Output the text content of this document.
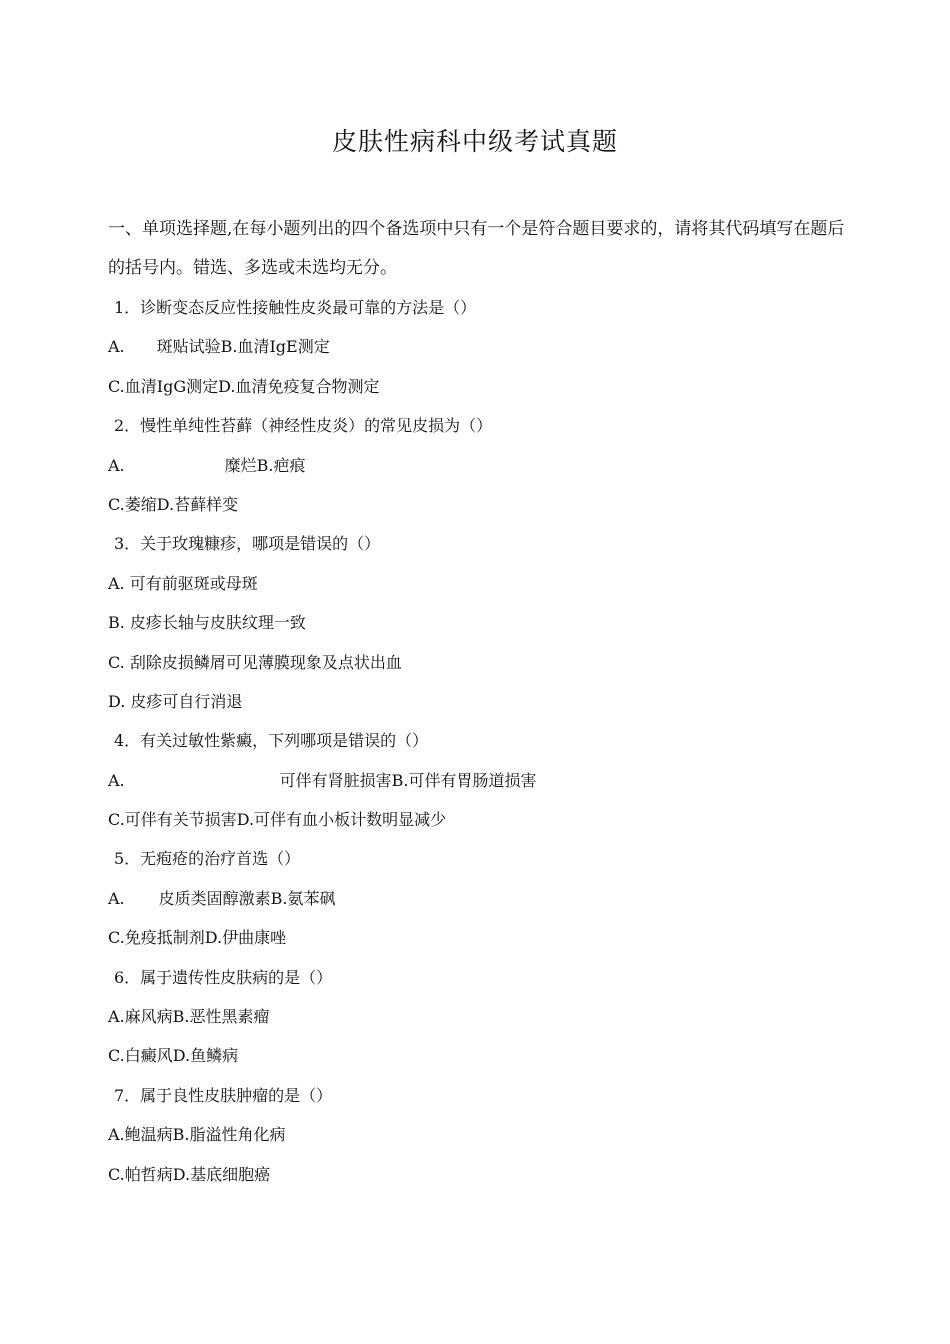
皮肤性病科中级考试真题

一、单项选择题,在每小题列出的四个备选项中只有一个是符合题目要求的，请将其代码填写在题后的括号内。错选、多选或未选均无分。

1．诊断变态反应性接触性皮炎最可靠的方法是（）
A. 斑贴试验B.血清IgE测定
C.血清IgG测定D.血清免疫复合物测定
2．慢性单纯性苔藓（神经性皮炎）的常见皮损为（）
A.	糜烂B.疤痕
C.萎缩D.苔藓样变
3．关于玫瑰糠疹，哪项是错误的（）
A. 可有前驱斑或母斑
B. 皮疹长轴与皮肤纹理一致
C. 刮除皮损鳞屑可见薄膜现象及点状出血
D. 皮疹可自行消退
4．有关过敏性紫癜，下列哪项是错误的（）
A.	可伴有肾脏损害B.可伴有胃肠道损害
C.可伴有关节损害D.可伴有血小板计数明显减少
5．无疱疮的治疗首选（）
A. 皮质类固醇激素B.氨苯砜
C.免疫抵制剂D.伊曲康唑
6．属于遗传性皮肤病的是（）
A.麻风病B.恶性黑素瘤
C.白癜风D.鱼鳞病
7．属于良性皮肤肿瘤的是（）
A.鲍温病B.脂溢性角化病
C.帕哲病D.基底细胞癌
